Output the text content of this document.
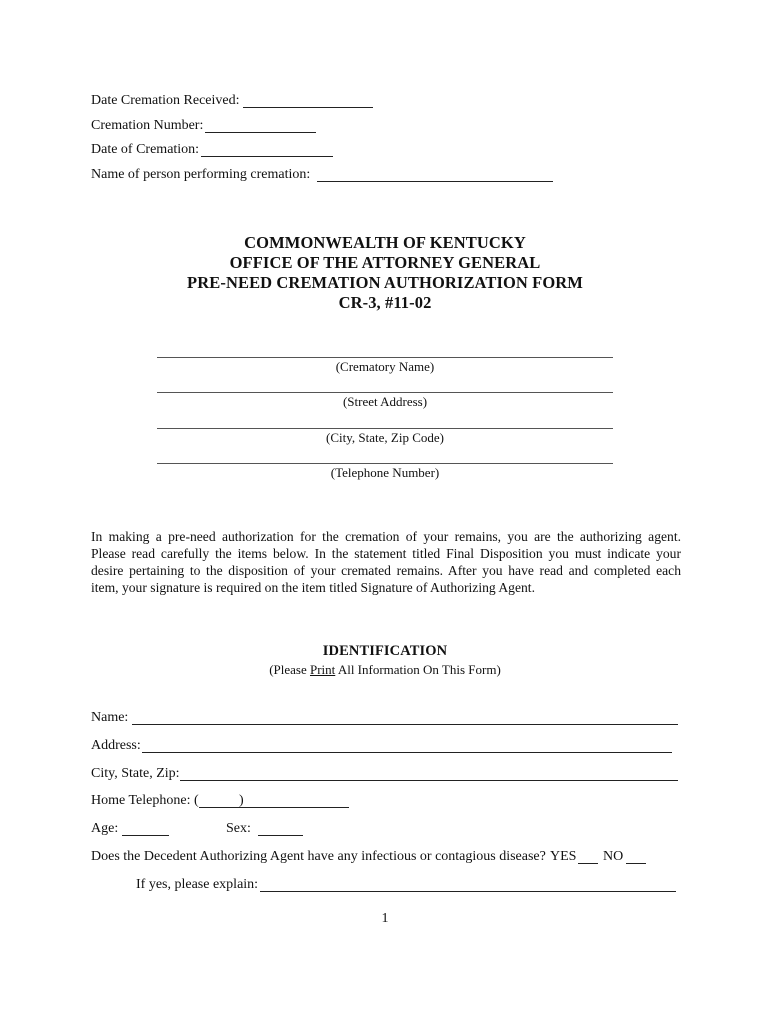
Date Cremation Received:
Cremation Number:
Date of Cremation:
Name of person performing cremation:
COMMONWEALTH OF KENTUCKY
OFFICE OF THE ATTORNEY GENERAL
PRE-NEED CREMATION AUTHORIZATION FORM
CR-3, #11-02
(Crematory Name)
(Street Address)
(City, State, Zip Code)
(Telephone Number)
In making a pre-need authorization for the cremation of your remains, you are the authorizing agent.
Please read carefully the items below. In the statement titled Final Disposition you must indicate your
desire pertaining to the disposition of your cremated remains. After you have read and completed each
item, your signature is required on the item titled Signature of Authorizing Agent.
IDENTIFICATION
(Please Print All Information On This Form)
Name:
Address:
City, State, Zip:
Home Telephone: (	)
Age:	Sex:
Does the Decedent Authorizing Agent have any infectious or contagious disease? YES NO
If yes, please explain:
1
